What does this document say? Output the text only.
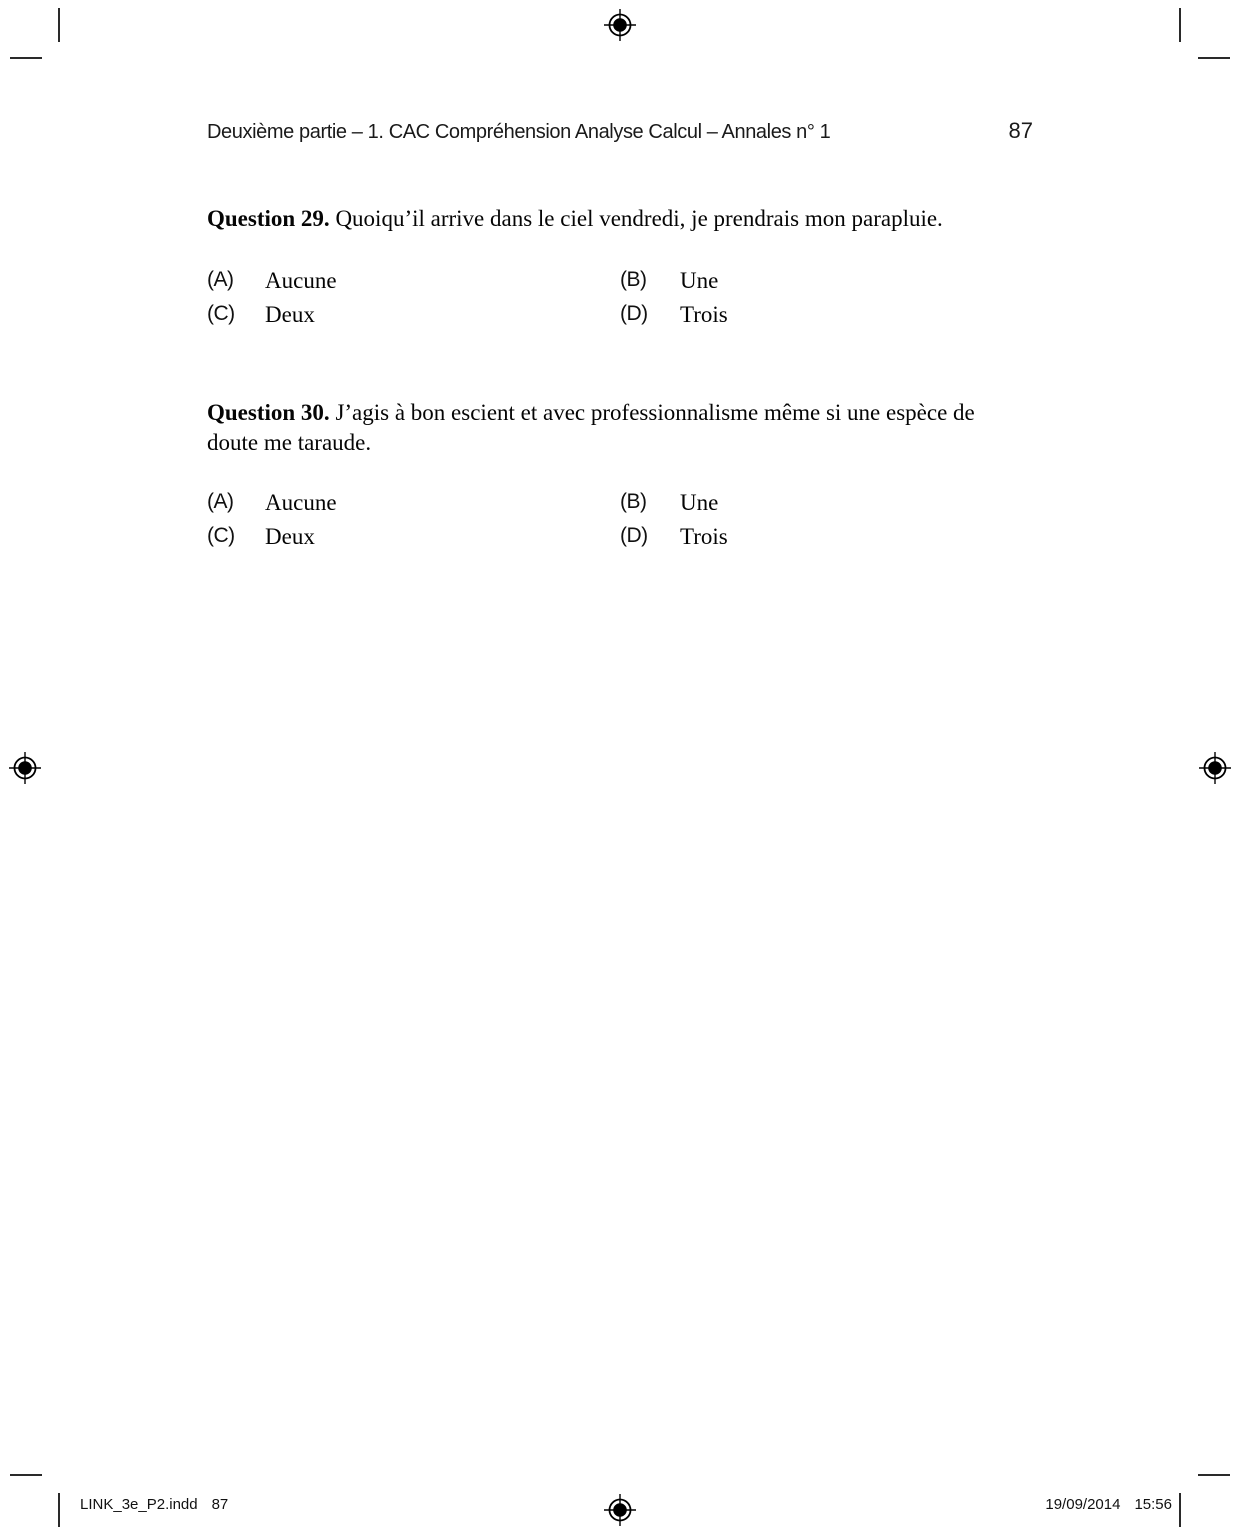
Deuxième partie – 1. CAC Compréhension Analyse Calcul – Annales n° 1	87
Question 29. Quoiqu’il arrive dans le ciel vendredi, je prendrais mon parapluie.
(A) Aucune	(B) Une
(C) Deux	(D) Trois
Question 30. J’agis à bon escient et avec professionnalisme même si une espèce de
doute me taraude.
(A) Aucune	(B) Une
(C) Deux	(D) Trois
LINK_3e_P2.indd 87	19/09/2014 15:56
